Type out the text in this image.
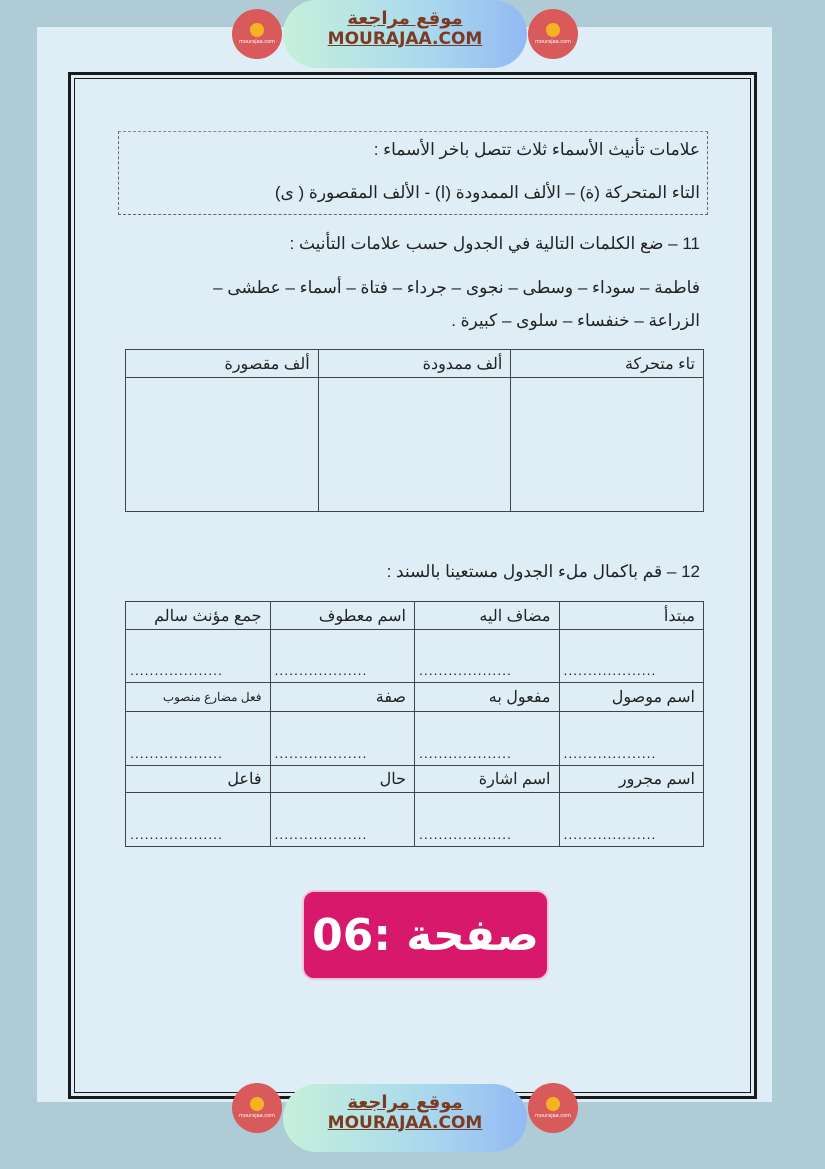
mourajaa.com
موقع مراجعة
MOURAJAA.COM	mourajaa.com
علامات تأنيث الأسماء ثلاث تتصل باخر الأسماء :
التاء المتحركة (ة) – الألف الممدودة (ا) - الألف المقصورة ( ى)
11 – ضع الكلمات التالية في الجدول حسب علامات التأنيث :
فاطمة – سوداء – وسطى – نجوى – جرداء – فتاة – أسماء – عطشى –
الزراعة – خنفساء – سلوى – كبيرة .
تاء متحركة	ألف ممدودة	ألف مقصورة

12 – قم باكمال ملء الجدول مستعينا بالسند :
مبتدأ	مضاف اليه	اسم معطوف	جمع مؤنث سالم
...................	...................	...................	...................
اسم موصول	مفعول به	صفة	فعل مضارع منصوب
...................	...................	...................	...................
اسم مجرور	اسم اشارة	حال	فاعل
...................	...................	...................	...................
صفحة :06
mourajaa.com
موقع مراجعة
MOURAJAA.COM	mourajaa.com
